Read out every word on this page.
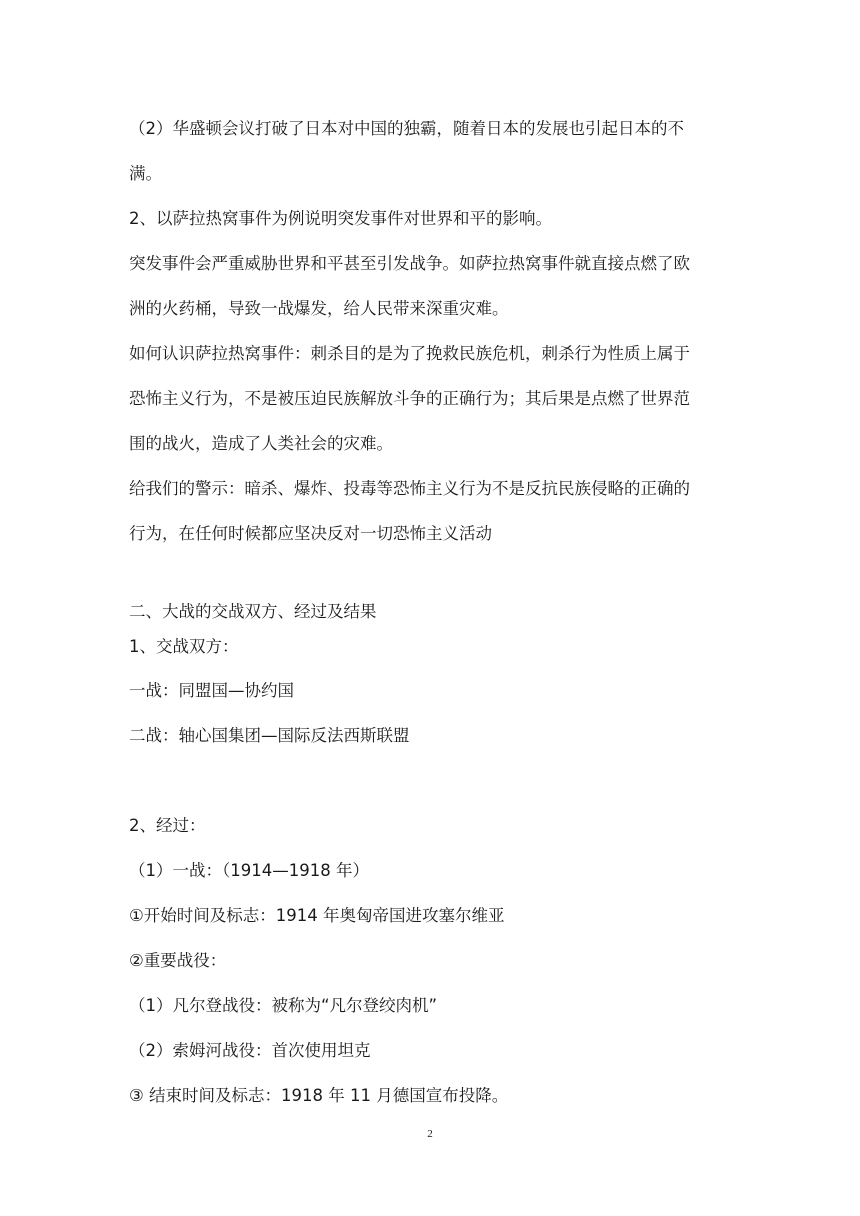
（2）华盛顿会议打破了日本对中国的独霸，随着日本的发展也引起日本的不
满。
2、以萨拉热窝事件为例说明突发事件对世界和平的影响。
突发事件会严重威胁世界和平甚至引发战争。如萨拉热窝事件就直接点燃了欧
洲的火药桶，导致一战爆发，给人民带来深重灾难。
如何认识萨拉热窝事件：刺杀目的是为了挽救民族危机，刺杀行为性质上属于
恐怖主义行为，不是被压迫民族解放斗争的正确行为；其后果是点燃了世界范
围的战火，造成了人类社会的灾难。
给我们的警示：暗杀、爆炸、投毒等恐怖主义行为不是反抗民族侵略的正确的
行为，在任何时候都应坚决反对一切恐怖主义活动
二、大战的交战双方、经过及结果
1、交战双方：
一战：同盟国—协约国
二战：轴心国集团—国际反法西斯联盟
2、经过：
（1）一战：（1914—1918 年）
①开始时间及标志：1914 年奥匈帝国进攻塞尔维亚
②重要战役：
（1）凡尔登战役：被称为“凡尔登绞肉机”
（2）索姆河战役：首次使用坦克
③ 结束时间及标志：1918 年 11 月德国宣布投降。
2
